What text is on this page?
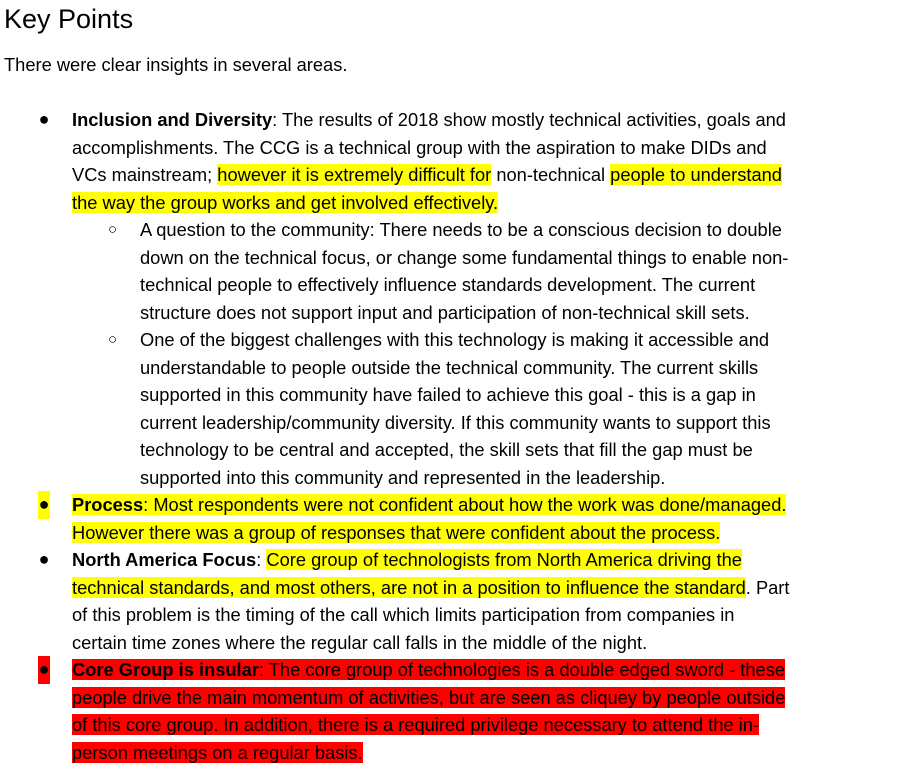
Key Points

There were clear insights in several areas.

● Inclusion and Diversity: The results of 2018 show mostly technical activities, goals and
accomplishments. The CCG is a technical group with the aspiration to make DIDs and
VCs mainstream; however it is extremely difficult for non-technical people to understand
the way the group works and get involved effectively.
○ A question to the community: There needs to be a conscious decision to double
down on the technical focus, or change some fundamental things to enable non-
technical people to effectively influence standards development. The current
structure does not support input and participation of non-technical skill sets.
○ One of the biggest challenges with this technology is making it accessible and
understandable to people outside the technical community. The current skills
supported in this community have failed to achieve this goal - this is a gap in
current leadership/community diversity. If this community wants to support this
technology to be central and accepted, the skill sets that fill the gap must be
supported into this community and represented in the leadership.
● Process: Most respondents were not confident about how the work was done/managed.
However there was a group of responses that were confident about the process.
● North America Focus: Core group of technologists from North America driving the
technical standards, and most others, are not in a position to influence the standard. Part
of this problem is the timing of the call which limits participation from companies in
certain time zones where the regular call falls in the middle of the night.
● Core Group is insular: The core group of technologies is a double edged sword - these
people drive the main momentum of activities, but are seen as cliquey by people outside
of this core group. In addition, there is a required privilege necessary to attend the in-
person meetings on a regular basis.
